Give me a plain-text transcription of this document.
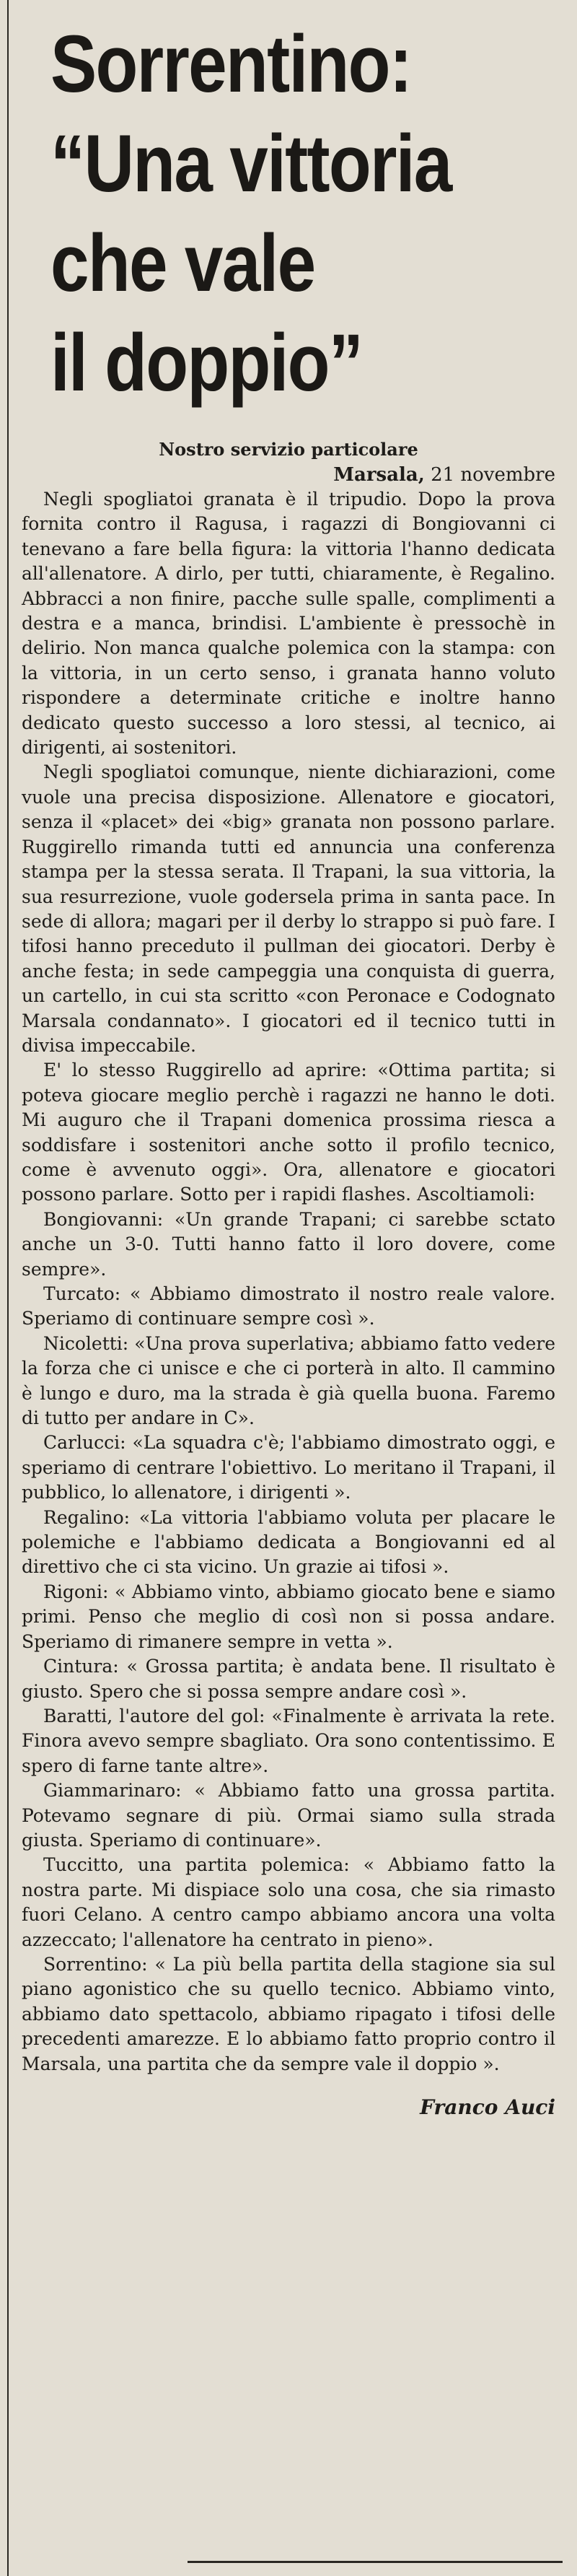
Sorrentino:
“Una vittoria
che vale
il doppio”
Nostro servizio particolare
Marsala, 21 novembre

Negli spogliatoi granata è il tripudio. Dopo la prova fornita contro il Ragusa, i ragazzi di Bongiovanni ci tenevano a fare bella figura: la vittoria l'hanno dedicata all'allenatore. A dirlo, per tutti, chiaramente, è Regalino. Abbracci a non finire, pacche sulle spalle, complimenti a destra e a manca, brindisi. L'ambiente è pressochè in delirio. Non manca qualche polemica con la stampa: con la vittoria, in un certo senso, i granata hanno voluto rispondere a determinate critiche e inoltre hanno dedicato questo successo a loro stessi, al tecnico, ai dirigenti, ai sostenitori.

Negli spogliatoi comunque, niente dichiarazioni, come vuole una precisa disposizione. Allenatore e giocatori, senza il «placet» dei «big» granata non possono parlare. Ruggirello rimanda tutti ed annuncia una conferenza stampa per la stessa serata. Il Trapani, la sua vittoria, la sua resurrezione, vuole godersela prima in santa pace. In sede di allora; magari per il derby lo strappo si può fare. I tifosi hanno preceduto il pullman dei giocatori. Derby è anche festa; in sede campeggia una conquista di guerra, un cartello, in cui sta scritto «con Peronace e Codognato Marsala condannato». I giocatori ed il tecnico tutti in divisa impeccabile.

E' lo stesso Ruggirello ad aprire: «Ottima partita; si poteva giocare meglio perchè i ragazzi ne hanno le doti. Mi auguro che il Trapani domenica prossima riesca a soddisfare i sostenitori anche sotto il profilo tecnico, come è avvenuto oggi». Ora, allenatore e giocatori possono parlare. Sotto per i rapidi flashes. Ascoltiamoli:

Bongiovanni: «Un grande Trapani; ci sarebbe sctato anche un 3-0. Tutti hanno fatto il loro dovere, come sempre».

Turcato: « Abbiamo dimostrato il nostro reale valore. Speriamo di continuare sempre così ».

Nicoletti: «Una prova superlativa; abbiamo fatto vedere la forza che ci unisce e che ci porterà in alto. Il cammino è lungo e duro, ma la strada è già quella buona. Faremo di tutto per andare in C».

Carlucci: «La squadra c'è; l'abbiamo dimostrato oggi, e speriamo di centrare l'obiettivo. Lo meritano il Trapani, il pubblico, lo allenatore, i dirigenti ».

Regalino: «La vittoria l'abbiamo voluta per placare le polemiche e l'abbiamo dedicata a Bongiovanni ed al direttivo che ci sta vicino. Un grazie ai tifosi ».

Rigoni: « Abbiamo vinto, abbiamo giocato bene e siamo primi. Penso che meglio di così non si possa andare. Speriamo di rimanere sempre in vetta ».

Cintura: « Grossa partita; è andata bene. Il risultato è giusto. Spero che si possa sempre andare così ».

Baratti, l'autore del gol: «Finalmente è arrivata la rete. Finora avevo sempre sbagliato. Ora sono contentissimo. E spero di farne tante altre».

Giammarinaro: « Abbiamo fatto una grossa partita. Potevamo segnare di più. Ormai siamo sulla strada giusta. Speriamo di continuare».

Tuccitto, una partita polemica: « Abbiamo fatto la nostra parte. Mi dispiace solo una cosa, che sia rimasto fuori Celano. A centro campo abbiamo ancora una volta azzeccato; l'allenatore ha centrato in pieno».

Sorrentino: « La più bella partita della stagione sia sul piano agonistico che su quello tecnico. Abbiamo vinto, abbiamo dato spettacolo, abbiamo ripagato i tifosi delle precedenti amarezze. E lo abbiamo fatto proprio contro il Marsala, una partita che da sempre vale il doppio ».

Franco Auci
